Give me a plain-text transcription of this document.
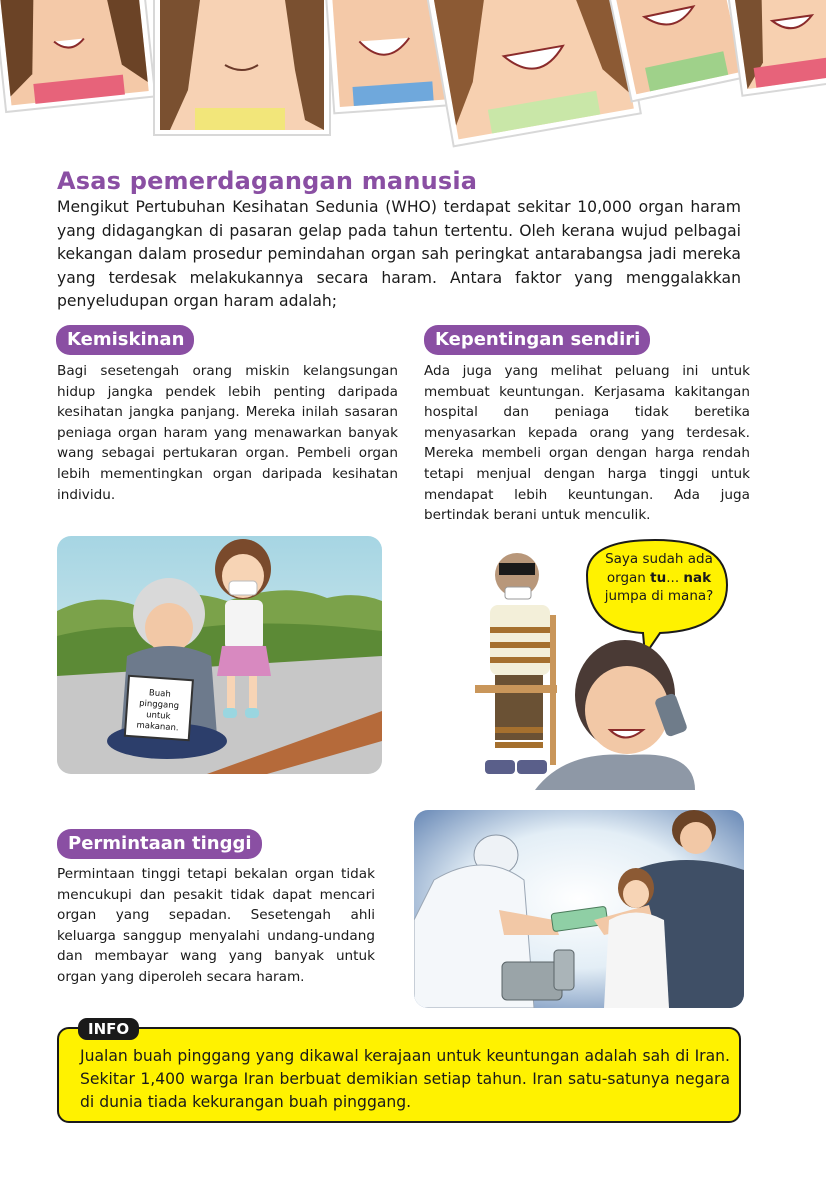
Asas pemerdagangan manusia
Mengikut Pertubuhan Kesihatan Sedunia (WHO) terdapat sekitar 10,000 organ haram yang didagangkan di pasaran gelap pada tahun tertentu. Oleh kerana wujud pelbagai kekangan dalam prosedur pemindahan organ sah peringkat antarabangsa jadi mereka yang terdesak melakukannya secara haram. Antara faktor yang menggalakkan penyeludupan organ haram adalah;
Kemiskinan
Bagi sesetengah orang miskin kelangsungan hidup jangka pendek lebih penting daripada kesihatan jangka panjang. Mereka inilah sasaran peniaga organ haram yang menawarkan banyak wang sebagai pertukaran organ. Pembeli organ lebih mementingkan organ daripada kesihatan individu.
Kepentingan sendiri
Ada juga yang melihat peluang ini untuk membuat keuntungan. Kerjasama kakitangan hospital dan peniaga tidak beretika menyasarkan kepada orang yang terdesak. Mereka membeli organ dengan harga rendah tetapi menjual dengan harga tinggi untuk mendapat lebih keuntungan. Ada juga bertindak berani untuk menculik.
Buah
pinggang
untuk
makanan.
Saya sudah ada organ tu... nak jumpa di mana?
Permintaan tinggi
Permintaan tinggi tetapi bekalan organ tidak mencukupi dan pesakit tidak dapat mencari organ yang sepadan. Sesetengah ahli keluarga sanggup menyalahi undang-undang dan membayar wang yang banyak untuk organ yang diperoleh secara haram.
INFO
Jualan buah pinggang yang dikawal kerajaan untuk keuntungan adalah sah di Iran. Sekitar 1,400 warga Iran berbuat demikian setiap tahun. Iran satu-satunya negara di dunia tiada kekurangan buah pinggang.
